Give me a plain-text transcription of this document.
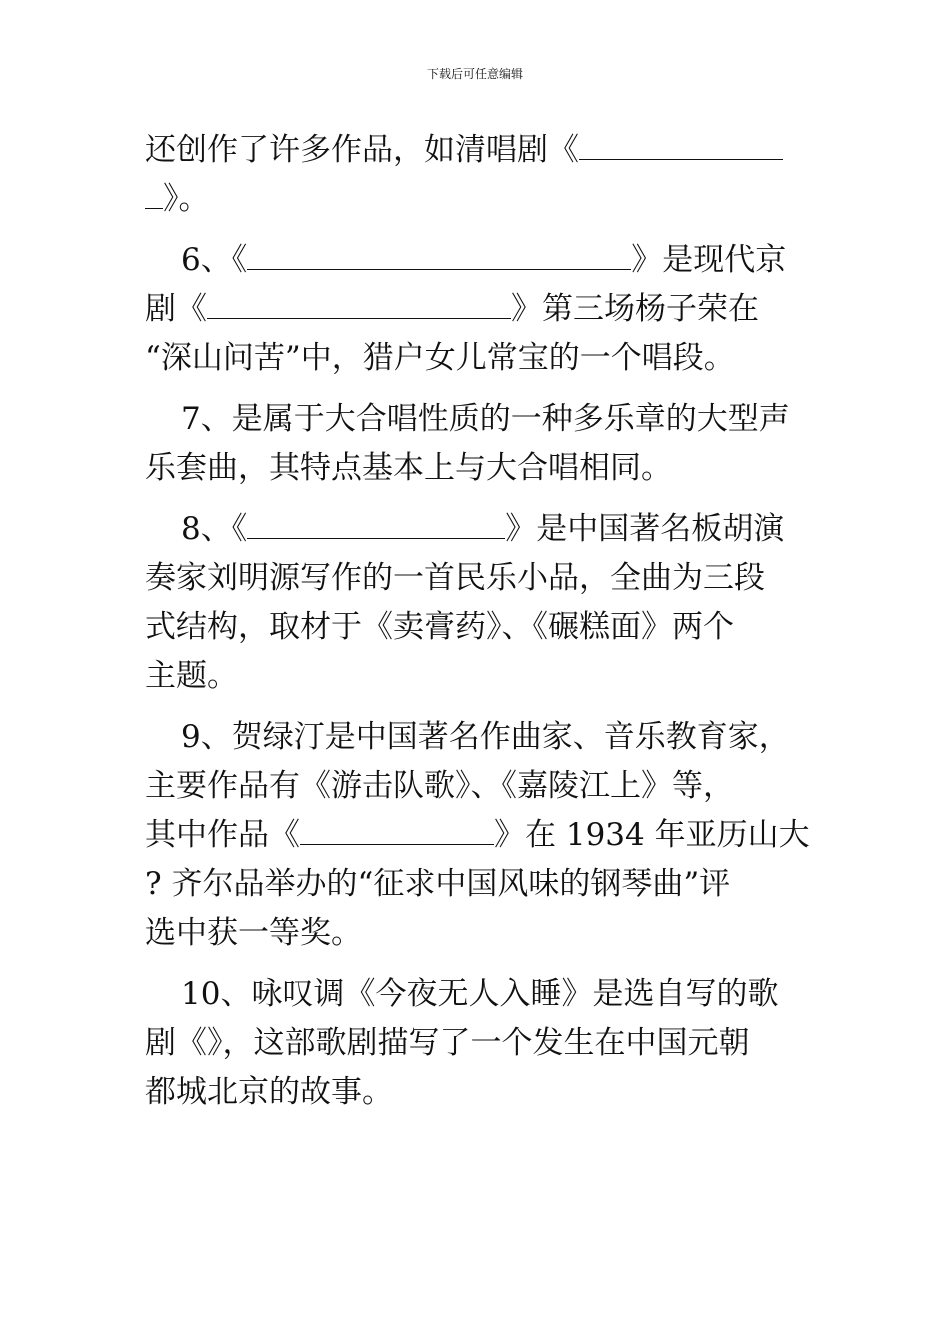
下载后可任意编辑
还创作了许多作品，如清唱剧《
》。
6、《	》是现代京
剧《	》第三场杨子荣在
“深山问苦”中，猎户女儿常宝的一个唱段。
7、是属于大合唱性质的一种多乐章的大型声
乐套曲，其特点基本上与大合唱相同。
8、《	》是中国著名板胡演
奏家刘明源写作的一首民乐小品，全曲为三段
式结构，取材于《卖膏药》、《碾糕面》两个
主题。
9、贺绿汀是中国著名作曲家、音乐教育家，
主要作品有《游击队歌》、《嘉陵江上》等，
其中作品《	》在 1934 年亚历山大
? 齐尔品举办的“征求中国风味的钢琴曲”评
选中获一等奖。
10、咏叹调《今夜无人入睡》是选自写的歌
剧《》，这部歌剧描写了一个发生在中国元朝
都城北京的故事。
